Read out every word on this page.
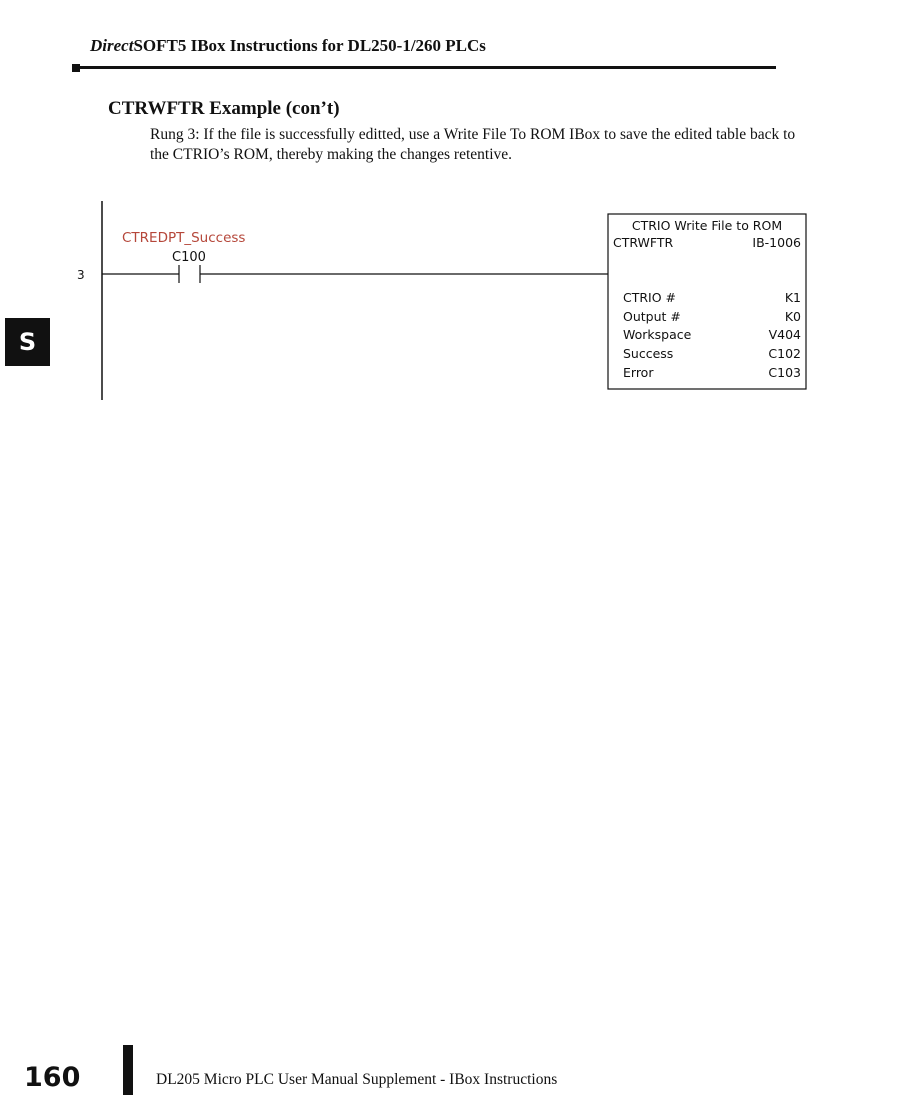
DirectSOFT5 IBox Instructions for DL250-1/260 PLCs
CTRWFTR Example (con’t)
Rung 3: If the file is successfully editted, use a Write File To ROM IBox to save the edited table back to the CTRIO’s ROM, thereby making the changes retentive.
S
3
CTREDPT_Success
C100
CTRIO Write File to ROM
CTRWFTR	IB-1006
CTRIO #	K1
Output #	K0
Workspace	V404
Success	C102
Error	C103
160	DL205 Micro PLC User Manual Supplement - IBox Instructions
